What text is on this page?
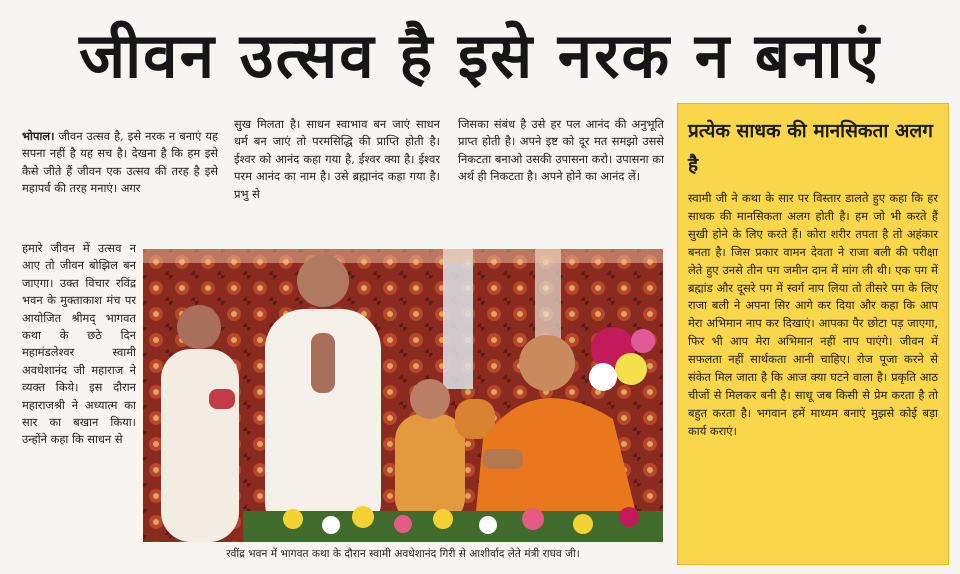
जीवन उत्सव है इसे नरक न बनाएं
भोपाल। जीवन उत्सव है, इसे नरक न बनाएं यह सपना नहीं है यह सच है। देखना है कि हम इसे कैसे जीते हैं जीवन एक उत्सव की तरह है इसे महापर्व की तरह मनाएं। अगर
हमारे जीवन में उत्सव न आए तो जीवन बोझिल बन जाएगा। उक्त विचार रविंद्र भवन के मुक्ताकाश मंच पर आयोजित श्रीमद् भागवत कथा के छठे दिन महामंडलेश्वर स्वामी अवधेशानंद जी महाराज ने व्यक्त किये। इस दौरान महाराजश्री ने अध्यात्म का सार का बखान किया। उन्होंने कहा कि साधन से
सुख मिलता है। साधन स्वाभाव बन जाएं साधन धर्म बन जाएं तो परमसिद्धि की प्राप्ति होती है। ईश्वर को आनंद कहा गया है, ईश्वर क्या है। ईश्वर परम आनंद का नाम है। उसे ब्रह्मानंद कहा गया है। प्रभु से
जिसका संबंध है उसे हर पल आनंद की अनुभूति प्राप्त होती है। अपने इष्ट को दूर मत समझो उससे निकटता बनाओ उसकी उपासना करो। उपासना का अर्थ ही निकटता है। अपने होने का आनंद लें।
रवींद्र भवन में भागवत कथा के दौरान स्वामी अवधेशानंद गिरी से आशीर्वाद लेते मंत्री राघव जी।
प्रत्येक साधक की मानसिकता अलग है
स्वामी जी ने कथा के सार पर विस्तार डालते हुए कहा कि हर साधक की मानसिकता अलग होती है। हम जो भी करते हैं सुखी होने के लिए करते हैं। कोरा शरीर तपता है तो अहंकार बनता है। जिस प्रकार वामन देवता ने राजा बली की परीक्षा लेते हुए उनसे तीन पग जमीन दान में मांग ली थी। एक पग में ब्रह्मांड और दूसरे पग में स्वर्ग नाप लिया तो तीसरे पग के लिए राजा बली ने अपना सिर आगे कर दिया और कहा कि आप मेरा अभिमान नाप कर दिखाएं। आपका पैर छोटा पड़ जाएगा, फिर भी आप मेरा अभिमान नहीं नाप पाएंगे। जीवन में सफलता नहीं सार्थकता आनी चाहिए। रोज पूजा करने से संकेत मिल जाता है कि आज क्या घटने वाला है। प्रकृति आठ चीजों से मिलकर बनी है। साधू जब किसी से प्रेम करता है तो बहुत करता है। भगवान हमें माध्यम बनाएं मुझसे कोई बड़ा कार्य कराएं।
